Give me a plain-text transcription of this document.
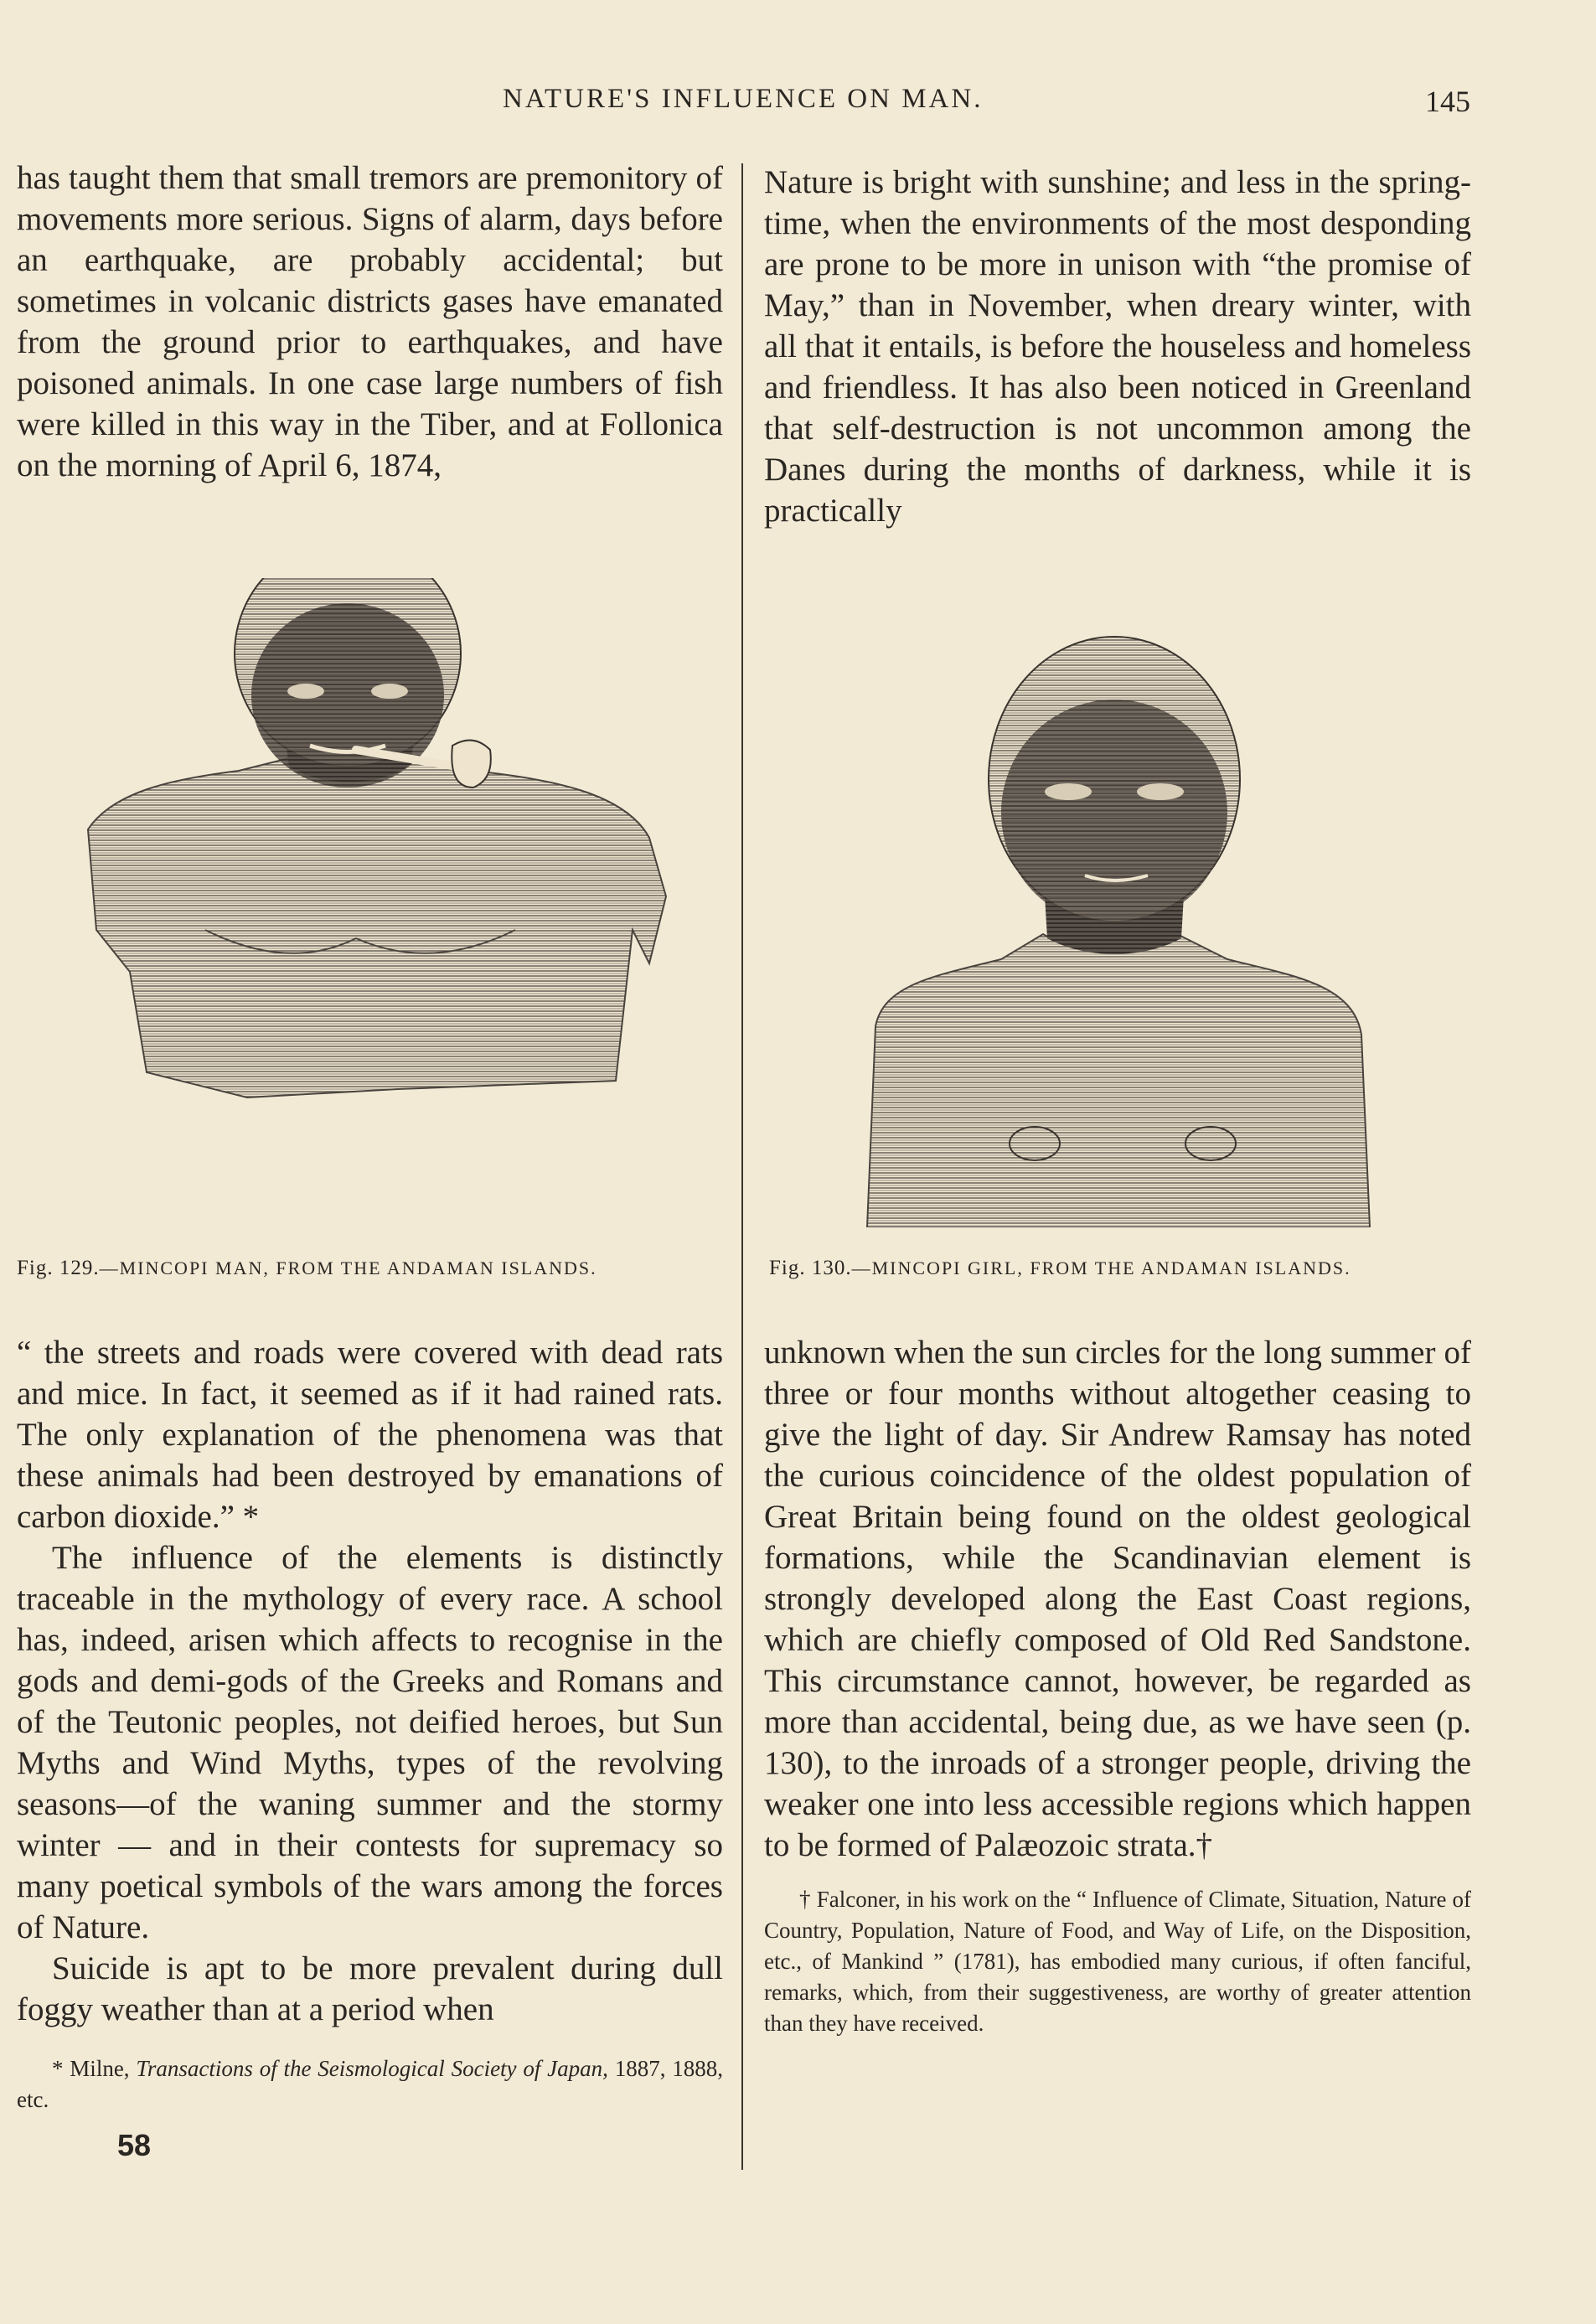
NATURE'S INFLUENCE ON MAN.	145

has taught them that small tremors are premonitory of movements more serious. Signs of alarm, days before an earthquake, are probably accidental; but sometimes in volcanic districts gases have emanated from the ground prior to earthquakes, and have poisoned animals. In one case large numbers of fish were killed in this way in the Tiber, and at Follonica on the morning of April 6, 1874,

Nature is bright with sunshine; and less in the spring-time, when the environments of the most desponding are prone to be more in unison with “the promise of May,” than in November, when dreary winter, with all that it entails, is before the houseless and homeless and friendless. It has also been noticed in Greenland that self-destruction is not uncommon among the Danes during the months of darkness, while it is practically

Fig. 129.—MINCOPI MAN, FROM THE ANDAMAN ISLANDS.	Fig. 130.—MINCOPI GIRL, FROM THE ANDAMAN ISLANDS.

“ the streets and roads were covered with dead rats and mice. In fact, it seemed as if it had rained rats. The only explanation of the phenomena was that these animals had been destroyed by emanations of carbon dioxide.” *

The influence of the elements is distinctly traceable in the mythology of every race. A school has, indeed, arisen which affects to recognise in the gods and demi-gods of the Greeks and Romans and of the Teutonic peoples, not deified heroes, but Sun Myths and Wind Myths, types of the revolving seasons—of the waning summer and the stormy winter — and in their contests for supremacy so many poetical symbols of the wars among the forces of Nature.

Suicide is apt to be more prevalent during dull foggy weather than at a period when

* Milne, Transactions of the Seismological Society of Japan, 1887, 1888, etc.

58

unknown when the sun circles for the long summer of three or four months without altogether ceasing to give the light of day. Sir Andrew Ramsay has noted the curious coincidence of the oldest population of Great Britain being found on the oldest geological formations, while the Scandinavian element is strongly developed along the East Coast regions, which are chiefly composed of Old Red Sandstone. This circumstance cannot, however, be regarded as more than accidental, being due, as we have seen (p. 130), to the inroads of a stronger people, driving the weaker one into less accessible regions which happen to be formed of Palæozoic strata.†

† Falconer, in his work on the “ Influence of Climate, Situation, Nature of Country, Population, Nature of Food, and Way of Life, on the Disposition, etc., of Mankind ” (1781), has embodied many curious, if often fanciful, remarks, which, from their suggestiveness, are worthy of greater attention than they have received.
